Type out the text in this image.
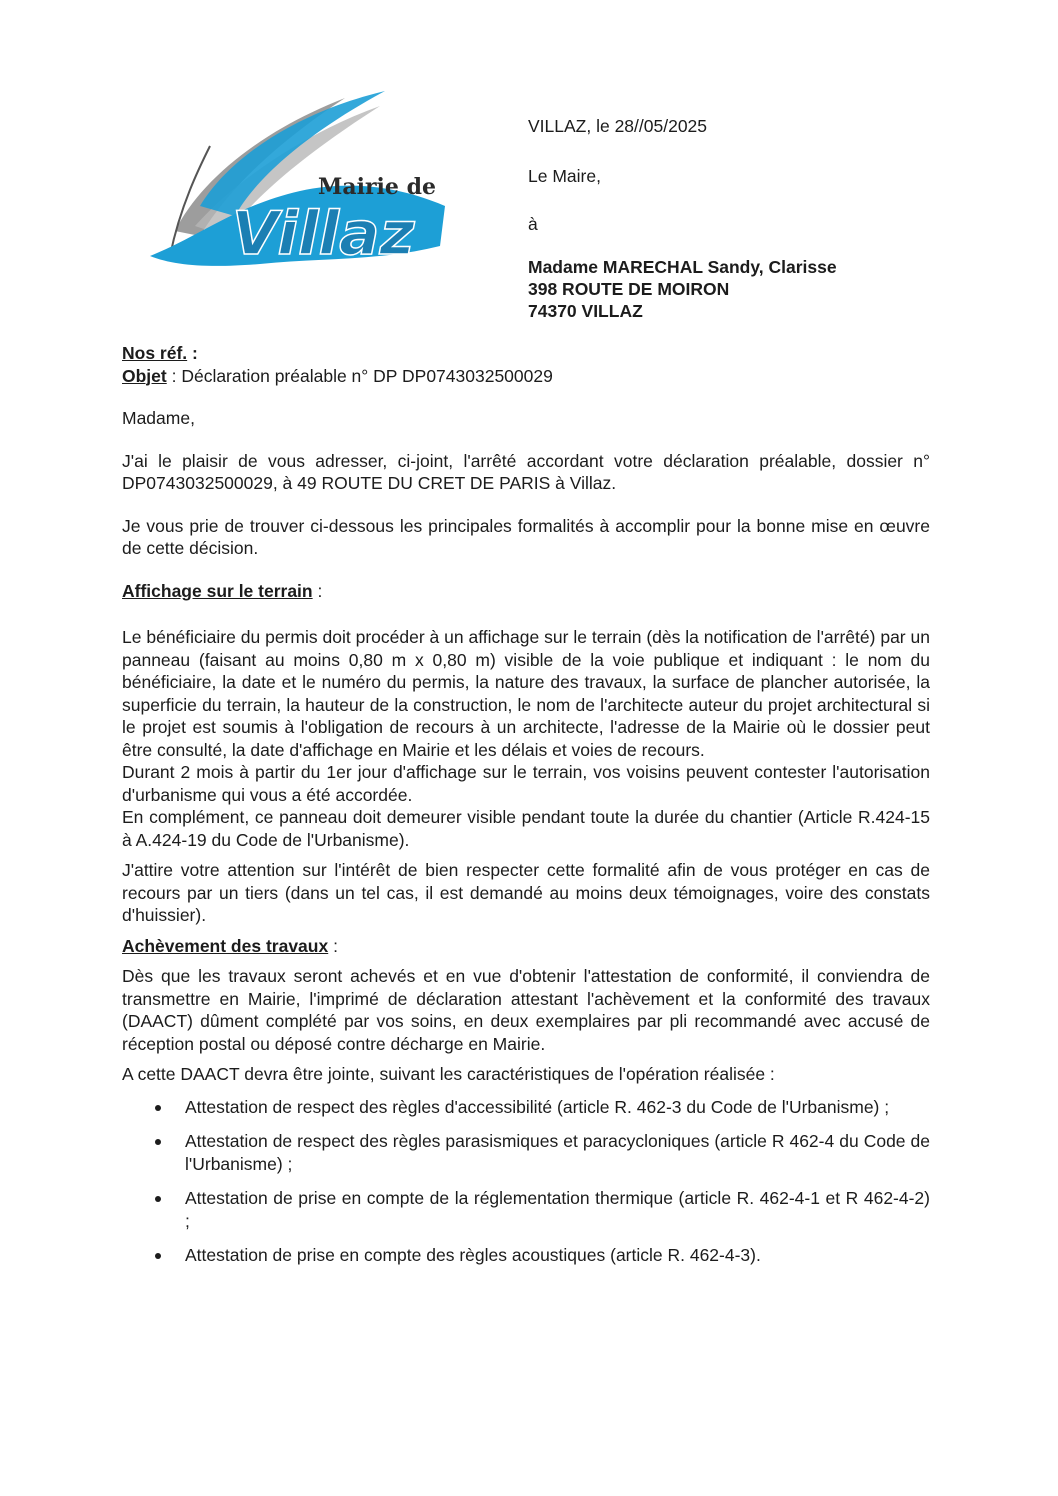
Mairie de
Villaz
VILLAZ, le 28//05/2025
Le Maire,
à
Madame MARECHAL Sandy, Clarisse
398 ROUTE DE MOIRON
74370 VILLAZ

Nos réf. :

Objet : Déclaration préalable n° DP DP0743032500029

Madame,

J'ai le plaisir de vous adresser, ci-joint, l'arrêté accordant votre déclaration préalable, dossier n° DP0743032500029, à 49 ROUTE DU CRET DE PARIS à Villaz.

Je vous prie de trouver ci-dessous les principales formalités à accomplir pour la bonne mise en œuvre de cette décision.

Affichage sur le terrain :

Le bénéficiaire du permis doit procéder à un affichage sur le terrain (dès la notification de l'arrêté) par un panneau (faisant au moins 0,80 m x 0,80 m) visible de la voie publique et indiquant : le nom du bénéficiaire, la date et le numéro du permis, la nature des travaux, la surface de plancher autorisée, la superficie du terrain, la hauteur de la construction, le nom de l'architecte auteur du projet architectural si le projet est soumis à l'obligation de recours à un architecte, l'adresse de la Mairie où le dossier peut être consulté, la date d'affichage en Mairie et les délais et voies de recours.

Durant 2 mois à partir du 1er jour d'affichage sur le terrain, vos voisins peuvent contester l'autorisation d'urbanisme qui vous a été accordée.

En complément, ce panneau doit demeurer visible pendant toute la durée du chantier (Article R.424-15 à A.424-19 du Code de l'Urbanisme).

J'attire votre attention sur l'intérêt de bien respecter cette formalité afin de vous protéger en cas de recours par un tiers (dans un tel cas, il est demandé au moins deux témoignages, voire des constats d'huissier).

Achèvement des travaux :

Dès que les travaux seront achevés et en vue d'obtenir l'attestation de conformité, il conviendra de transmettre en Mairie, l'imprimé de déclaration attestant l'achèvement et la conformité des travaux (DAACT) dûment complété par vos soins, en deux exemplaires par pli recommandé avec accusé de réception postal ou déposé contre décharge en Mairie.

A cette DAACT devra être jointe, suivant les caractéristiques de l'opération réalisée :

Attestation de respect des règles d'accessibilité (article R. 462-3 du Code de l'Urbanisme) ;
Attestation de respect des règles parasismiques et paracycloniques (article R 462-4 du Code de l'Urbanisme) ;
Attestation de prise en compte de la réglementation thermique (article R. 462-4-1 et R 462-4-2) ;
Attestation de prise en compte des règles acoustiques (article R. 462-4-3).
